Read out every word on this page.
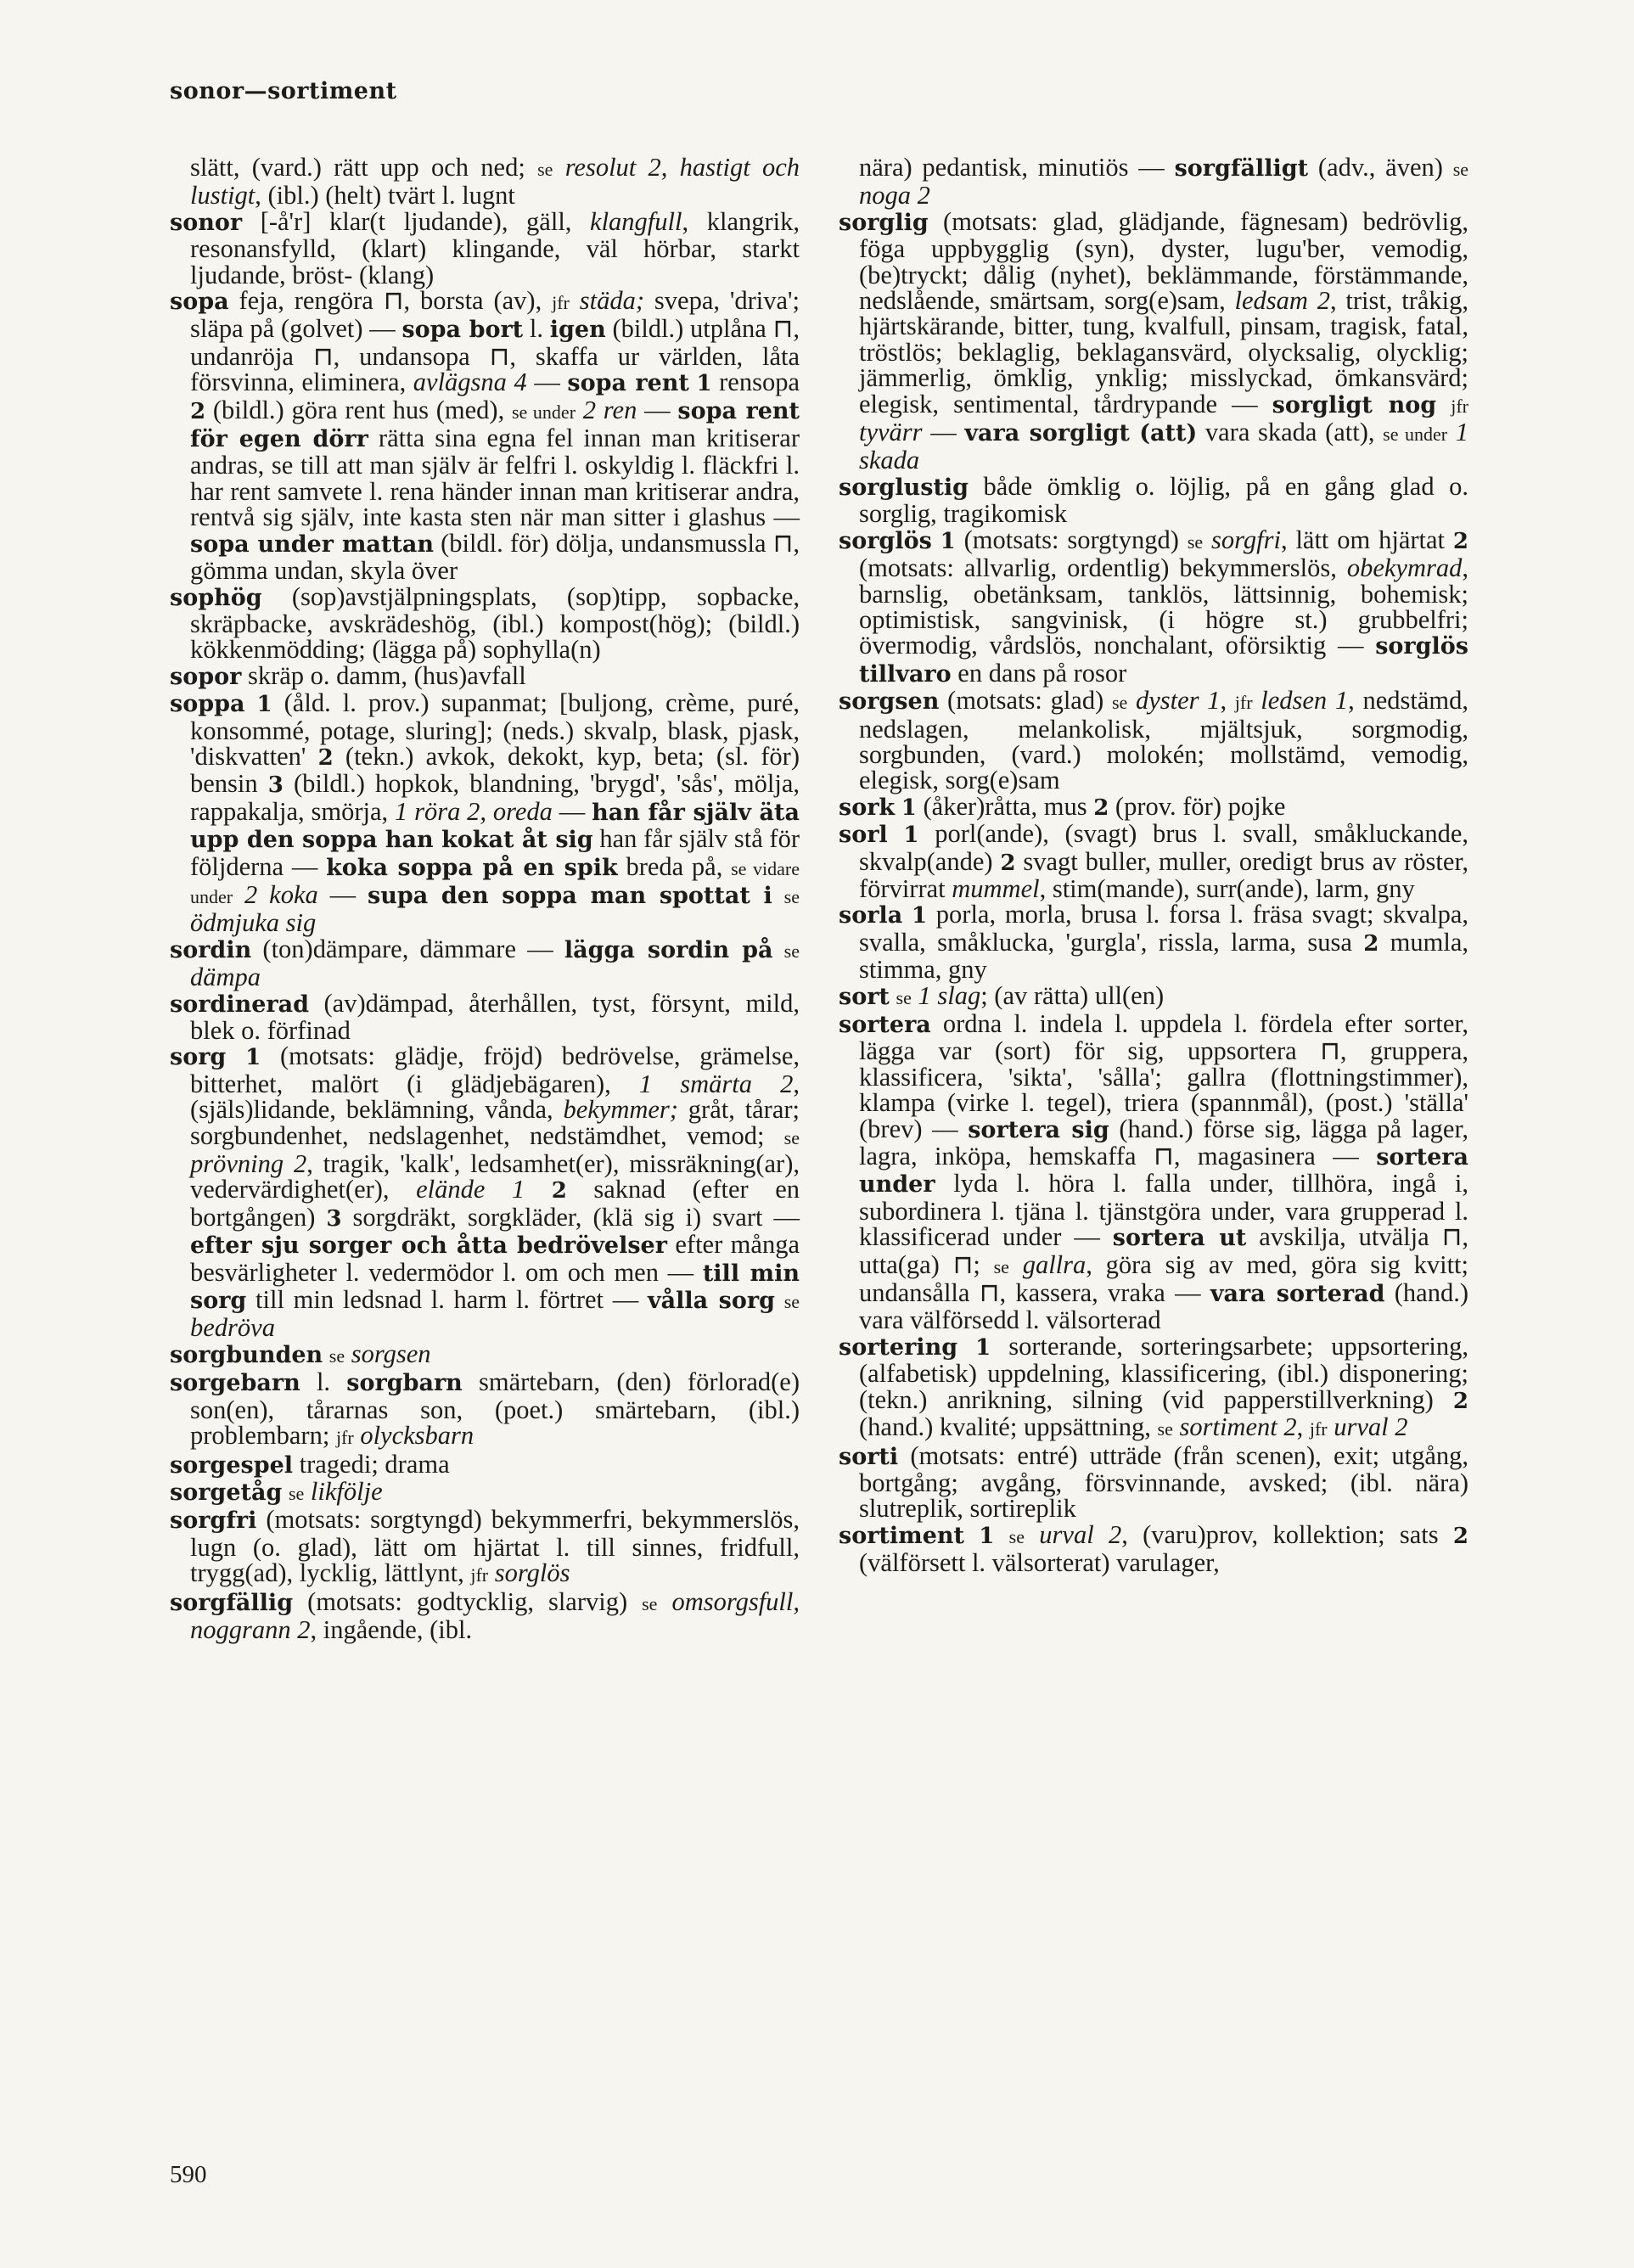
sonor—sortiment

slätt, (vard.) rätt upp och ned; se resolut 2, hastigt och lustigt, (ibl.) (helt) tvärt l. lugnt

sonor [-å'r] klar(t ljudande), gäll, klangfull, klangrik, resonansfylld, (klart) klingande, väl hörbar, starkt ljudande, bröst- (klang)

sopa feja, rengöra ⊓, borsta (av), jfr städa; svepa, 'driva'; släpa på (golvet) — sopa bort l. igen (bildl.) utplåna ⊓, undanröja ⊓, undansopa ⊓, skaffa ur världen, låta försvinna, eliminera, avlägsna 4 — sopa rent 1 rensopa 2 (bildl.) göra rent hus (med), se under 2 ren — sopa rent för egen dörr rätta sina egna fel innan man kritiserar andras, se till att man själv är felfri l. oskyldig l. fläckfri l. har rent samvete l. rena händer innan man kritiserar andra, rentvå sig själv, inte kasta sten när man sitter i glashus — sopa under mattan (bildl. för) dölja, undansmussla ⊓, gömma undan, skyla över

sophög (sop)avstjälpningsplats, (sop)tipp, sopbacke, skräpbacke, avskrädeshög, (ibl.) kompost(hög); (bildl.) kökkenmödding; (lägga på) sophylla(n)

sopor skräp o. damm, (hus)avfall

soppa 1 (åld. l. prov.) supanmat; [buljong, crème, puré, konsommé, potage, sluring]; (neds.) skvalp, blask, pjask, 'diskvatten' 2 (tekn.) avkok, dekokt, kyp, beta; (sl. för) bensin 3 (bildl.) hopkok, blandning, 'brygd', 'sås', mölja, rappakalja, smörja, 1 röra 2, oreda — han får själv äta upp den soppa han kokat åt sig han får själv stå för följderna — koka soppa på en spik breda på, se vidare under 2 koka — supa den soppa man spottat i se ödmjuka sig

sordin (ton)dämpare, dämmare — lägga sordin på se dämpa

sordinerad (av)dämpad, återhållen, tyst, försynt, mild, blek o. förfinad

sorg 1 (motsats: glädje, fröjd) bedrövelse, grämelse, bitterhet, malört (i glädjebägaren), 1 smärta 2, (själs)lidande, beklämning, vånda, bekymmer; gråt, tårar; sorgbundenhet, nedslagenhet, nedstämdhet, vemod; se prövning 2, tragik, 'kalk', ledsamhet(er), missräkning(ar), vedervärdighet(er), elände 1 2 saknad (efter en bortgången) 3 sorgdräkt, sorgkläder, (klä sig i) svart — efter sju sorger och åtta bedrövelser efter många besvärligheter l. vedermödor l. om och men — till min sorg till min ledsnad l. harm l. förtret — vålla sorg se bedröva

sorgbunden se sorgsen

sorgebarn l. sorgbarn smärtebarn, (den) förlorad(e) son(en), tårarnas son, (poet.) smärtebarn, (ibl.) problembarn; jfr olycksbarn

sorgespel tragedi; drama

sorgetåg se likfölje

sorgfri (motsats: sorgtyngd) bekymmerfri, bekymmerslös, lugn (o. glad), lätt om hjärtat l. till sinnes, fridfull, trygg(ad), lycklig, lättlynt, jfr sorglös

sorgfällig (motsats: godtycklig, slarvig) se omsorgsfull, noggrann 2, ingående, (ibl.

nära) pedantisk, minutiös — sorgfälligt (adv., även) se noga 2

sorglig (motsats: glad, glädjande, fägnesam) bedrövlig, föga uppbygglig (syn), dyster, lugu'ber, vemodig, (be)tryckt; dålig (nyhet), beklämmande, förstämmande, nedslående, smärtsam, sorg(e)sam, ledsam 2, trist, tråkig, hjärtskärande, bitter, tung, kvalfull, pinsam, tragisk, fatal, tröstlös; beklaglig, beklagansvärd, olycksalig, olycklig; jämmerlig, ömklig, ynklig; misslyckad, ömkansvärd; elegisk, sentimental, tårdrypande — sorgligt nog jfr tyvärr — vara sorgligt (att) vara skada (att), se under 1 skada

sorglustig både ömklig o. löjlig, på en gång glad o. sorglig, tragikomisk

sorglös 1 (motsats: sorgtyngd) se sorgfri, lätt om hjärtat 2 (motsats: allvarlig, ordentlig) bekymmerslös, obekymrad, barnslig, obetänksam, tanklös, lättsinnig, bohemisk; optimistisk, sangvinisk, (i högre st.) grubbelfri; övermodig, vårdslös, nonchalant, oförsiktig — sorglös tillvaro en dans på rosor

sorgsen (motsats: glad) se dyster 1, jfr ledsen 1, nedstämd, nedslagen, melankolisk, mjältsjuk, sorgmodig, sorgbunden, (vard.) molokén; mollstämd, vemodig, elegisk, sorg(e)sam

sork 1 (åker)råtta, mus 2 (prov. för) pojke

sorl 1 porl(ande), (svagt) brus l. svall, småkluckande, skvalp(ande) 2 svagt buller, muller, oredigt brus av röster, förvirrat mummel, stim(mande), surr(ande), larm, gny

sorla 1 porla, morla, brusa l. forsa l. fräsa svagt; skvalpa, svalla, småklucka, 'gurgla', rissla, larma, susa 2 mumla, stimma, gny

sort se 1 slag; (av rätta) ull(en)

sortera ordna l. indela l. uppdela l. fördela efter sorter, lägga var (sort) för sig, uppsortera ⊓, gruppera, klassificera, 'sikta', 'sålla'; gallra (flottningstimmer), klampa (virke l. tegel), triera (spannmål), (post.) 'ställa' (brev) — sortera sig (hand.) förse sig, lägga på lager, lagra, inköpa, hemskaffa ⊓, magasinera — sortera under lyda l. höra l. falla under, tillhöra, ingå i, subordinera l. tjäna l. tjänstgöra under, vara grupperad l. klassificerad under — sortera ut avskilja, utvälja ⊓, utta(ga) ⊓; se gallra, göra sig av med, göra sig kvitt; undansålla ⊓, kassera, vraka — vara sorterad (hand.) vara välförsedd l. välsorterad

sortering 1 sorterande, sorteringsarbete; uppsortering, (alfabetisk) uppdelning, klassificering, (ibl.) disponering; (tekn.) anrikning, silning (vid papperstillverkning) 2 (hand.) kvalité; uppsättning, se sortiment 2, jfr urval 2

sorti (motsats: entré) utträde (från scenen), exit; utgång, bortgång; avgång, försvinnande, avsked; (ibl. nära) slutreplik, sortireplik

sortiment 1 se urval 2, (varu)prov, kollektion; sats 2 (välförsett l. välsorterat) varulager,

590
